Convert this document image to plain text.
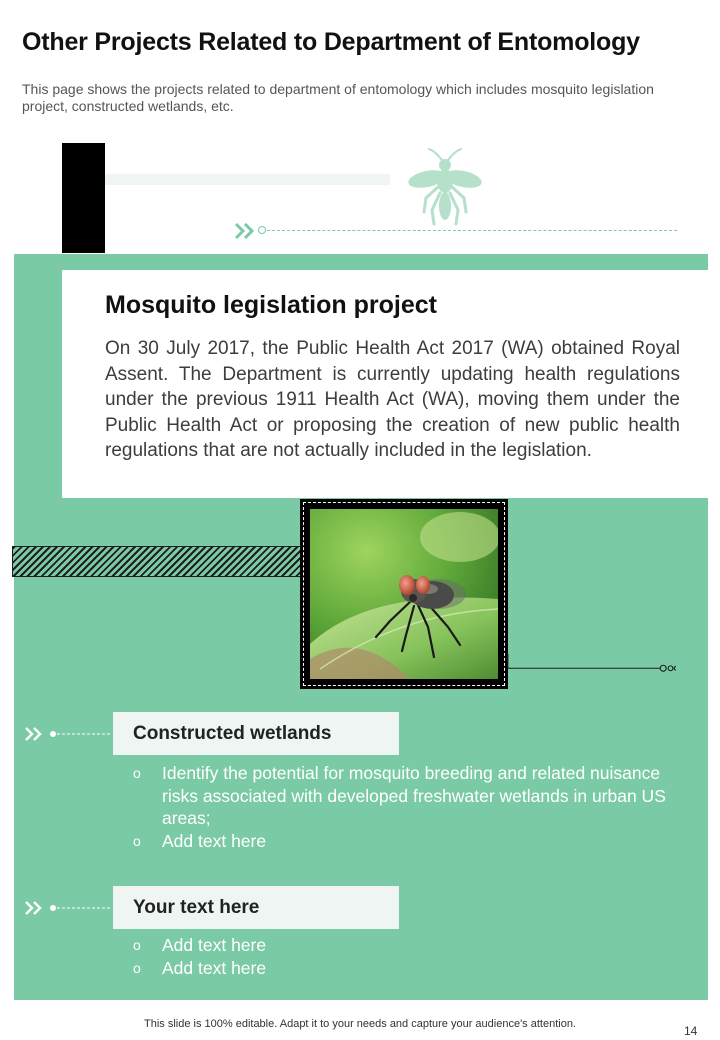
Other Projects Related to Department of Entomology
This page shows the projects related to department of entomology which includes mosquito legislation project, constructed wetlands, etc.
Mosquito legislation project
On 30 July 2017, the Public Health Act 2017 (WA) obtained Royal Assent. The Department is currently updating health regulations under the previous 1911 Health Act (WA), moving them under the Public Health Act or proposing the creation of new public health regulations that are not actually included in the legislation.
Constructed wetlands
o Identify the potential for mosquito breeding and related nuisance risks associated with developed freshwater wetlands in urban US areas;
o Add text here
Your text here
o Add text here
o Add text here
This slide is 100% editable. Adapt it to your needs and capture your audience's attention.	14
